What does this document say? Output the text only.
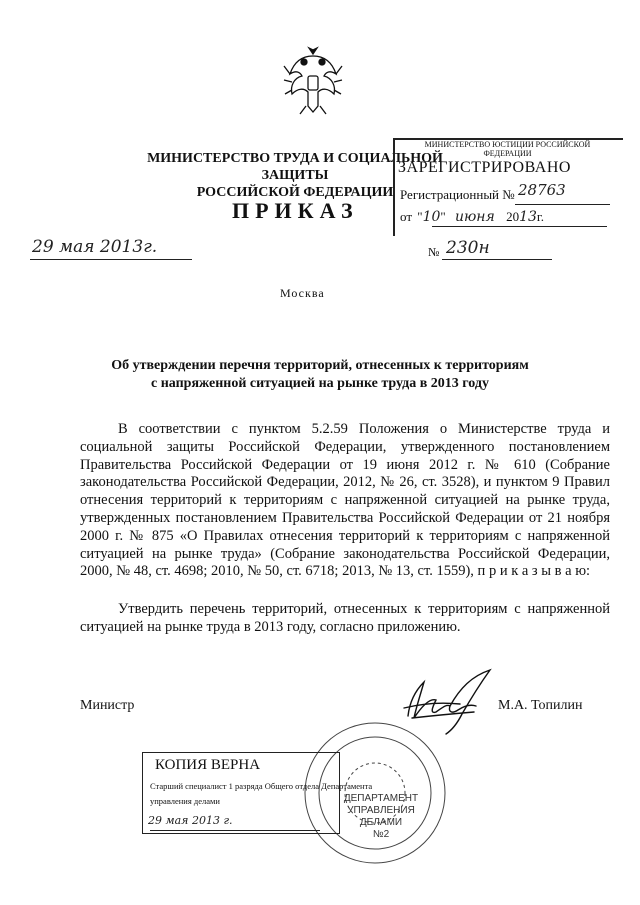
МИНИСТЕРСТВО ТРУДА И СОЦИАЛЬНОЙ ЗАЩИТЫ
РОССИЙСКОЙ ФЕДЕРАЦИИ
ПРИКАЗ
МИНИСТЕРСТВО ЮСТИЦИИ РОССИЙСКОЙ ФЕДЕРАЦИИ
ЗАРЕГИСТРИРОВАНО
Регистрационный № 28763
от "10" июня 2013г.
29 мая 2013г.	№ 230н
Москва
Об утверждении перечня территорий, отнесенных к территориям
с напряженной ситуацией на рынке труда в 2013 году

В соответствии с пунктом 5.2.59 Положения о Министерстве труда и социальной защиты Российской Федерации, утвержденного постановлением Правительства Российской Федерации от 19 июня 2012 г. № 610 (Собрание законодательства Российской Федерации, 2012, № 26, ст. 3528), и пунктом 9 Правил отнесения территорий к территориям с напряженной ситуацией на рынке труда, утвержденных постановлением Правительства Российской Федерации от 21 ноября 2000 г. № 875 «О Правилах отнесения территорий к территориям с напряженной ситуацией на рынке труда» (Собрание законодательства Российской Федерации, 2000, № 48, ст. 4698; 2010, № 50, ст. 6718; 2013, № 13, ст. 1559), п р и к а з ы в а ю:

Утвердить перечень территорий, отнесенных к территориям с напряженной ситуацией на рынке труда в 2013 году, согласно приложению.

Министр	М.А. Топилин
ДЕПАРТАМЕНТ
УПРАВЛЕНИЯ
ДЕЛАМИ
№2
КОПИЯ ВЕРНА
Старший специалист 1 разряда Общего отдела Департамента
управления делами
29 мая 2013 г.
